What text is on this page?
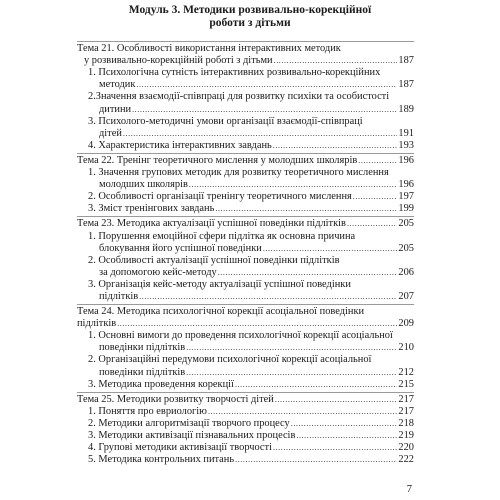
Модуль 3. Методики розвивально-корекційної
роботи з дітьми
Тема 21. Особливості використання інтерактивних методик
у розвивально-корекційній роботі з дітьми .....	187
1. Психологічна сутність інтерактивних розвивально-корекційних
методик .....	187
2.Значення взаємодії-співпраці для розвитку психіки та особистості
дитини .....	189
3. Психолого-методичні умови організації взаємодії-співпраці
дітей .....	191
4. Характеристика інтерактивних завдань .....	193
Тема 22. Тренінг теоретичного мислення у молодших школярів .....	196
1. Значення групових методик для розвитку теоретичного мислення
молодших школярів .....	196
2. Особливості організації тренінгу теоретичного мислення .....	197
3. Зміст тренінгових завдань .....	199
Тема 23. Методика актуалізації успішної поведінки підлітків .....	205
1. Порушення емоційної сфери підлітка як основна причина
блокування його успішної поведінки .....	205
2. Особливості актуалізації успішної поведінки підлітків
за допомогою кейс-методу .....	206
3. Організація кейс-методу актуалізації успішної поведінки
підлітків .....	207
Тема 24. Методика психологічної корекції асоціальної поведінки
підлітків .....	209
1. Основні вимоги до проведення психологічної корекції асоціальної
поведінки підлітків .....	210
2. Організаційні передумови психологічної корекції асоціальної
поведінки підлітків .....	212
3. Методика проведення корекції .....	215
Тема 25. Методики розвитку творчості дітей .....	217
1. Поняття про евриологію .....	217
2. Методики алгоритмізації творчого процесу .....	218
3. Методики активізації пізнавальних процесів .....	219
4. Групові методики активізації творчості .....	220
5. Методика контрольних питань .....	222
7
